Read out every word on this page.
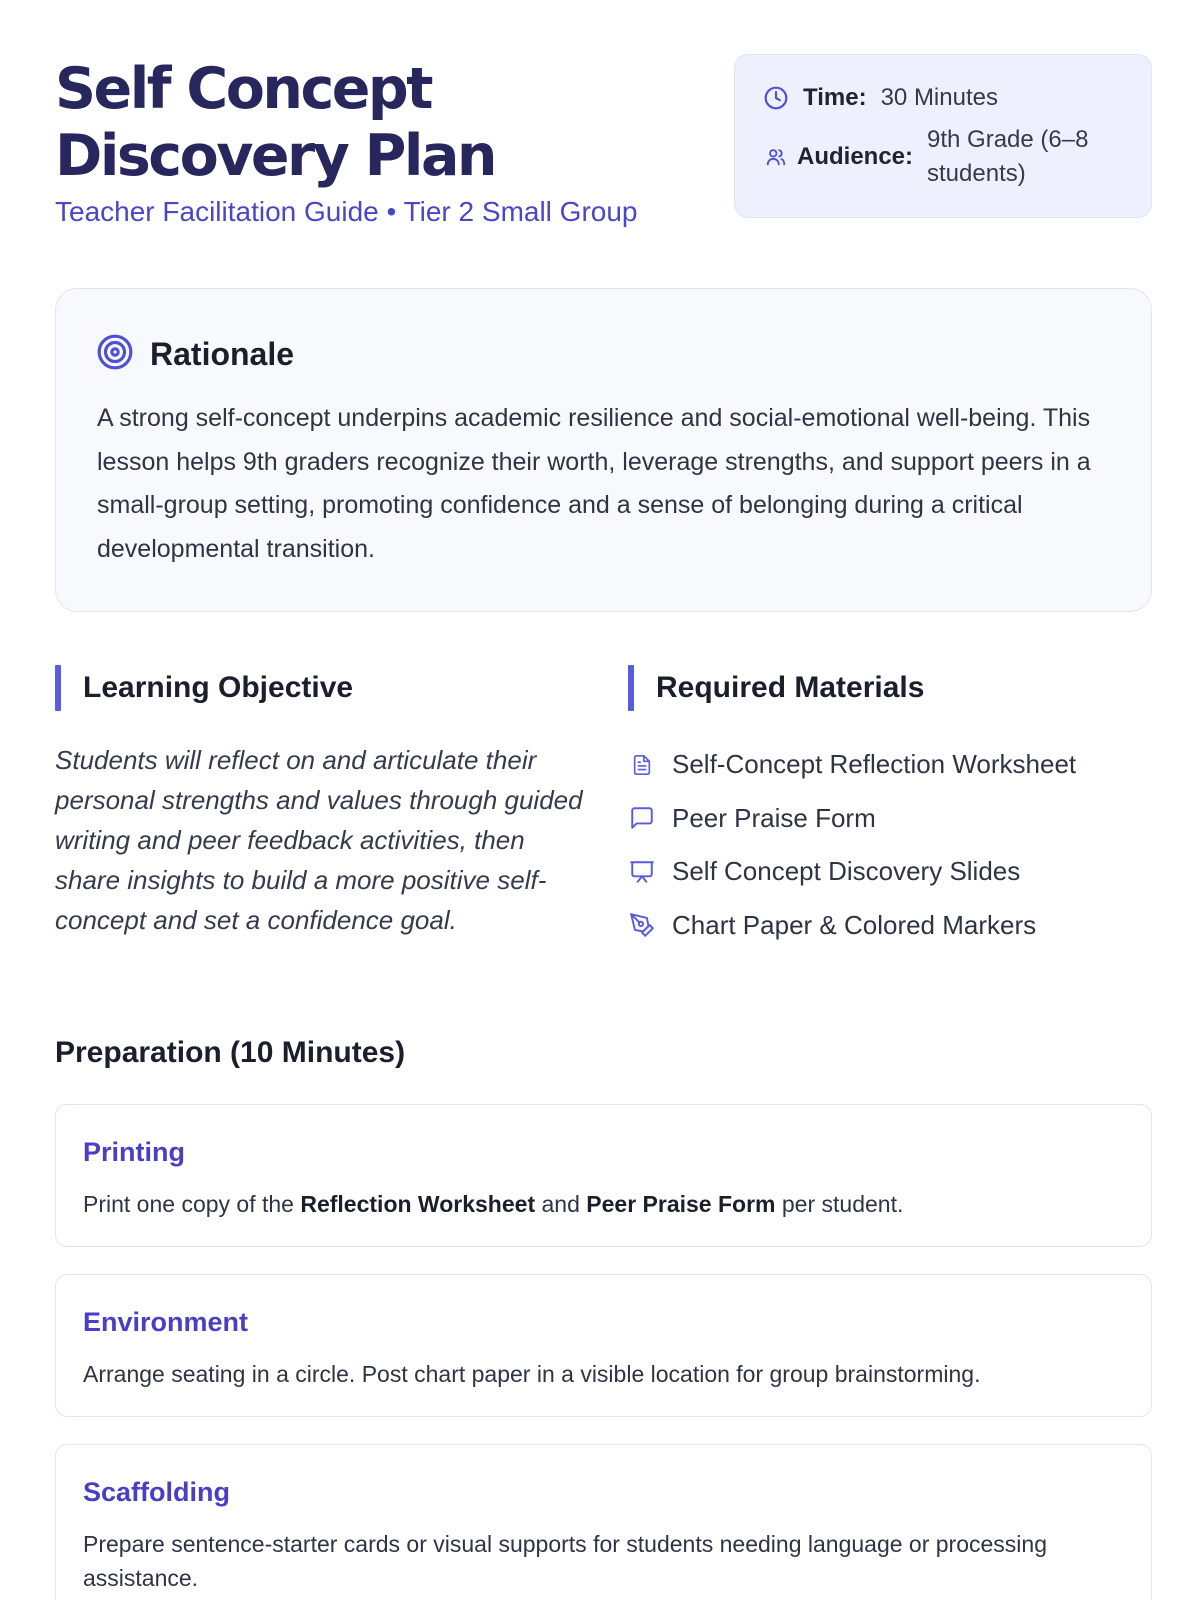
Self Concept
Discovery Plan
Teacher Facilitation Guide • Tier 2 Small Group
Time: 30 Minutes
Audience:
9th Grade (6–8 students)
Rationale
A strong self-concept underpins academic resilience and social-emotional well-being. This lesson helps 9th graders recognize their worth, leverage strengths, and support peers in a small-group setting, promoting confidence and a sense of belonging during a critical developmental transition.
Learning Objective
Students will reflect on and articulate their personal strengths and values through guided writing and peer feedback activities, then share insights to build a more positive self-concept and set a confidence goal.
Required Materials
Self-Concept Reflection Worksheet
Peer Praise Form
Self Concept Discovery Slides
Chart Paper & Colored Markers
Preparation (10 Minutes)
Printing
Print one copy of the Reflection Worksheet and Peer Praise Form per student.
Environment
Arrange seating in a circle. Post chart paper in a visible location for group brainstorming.
Scaffolding
Prepare sentence-starter cards or visual supports for students needing language or processing assistance.
